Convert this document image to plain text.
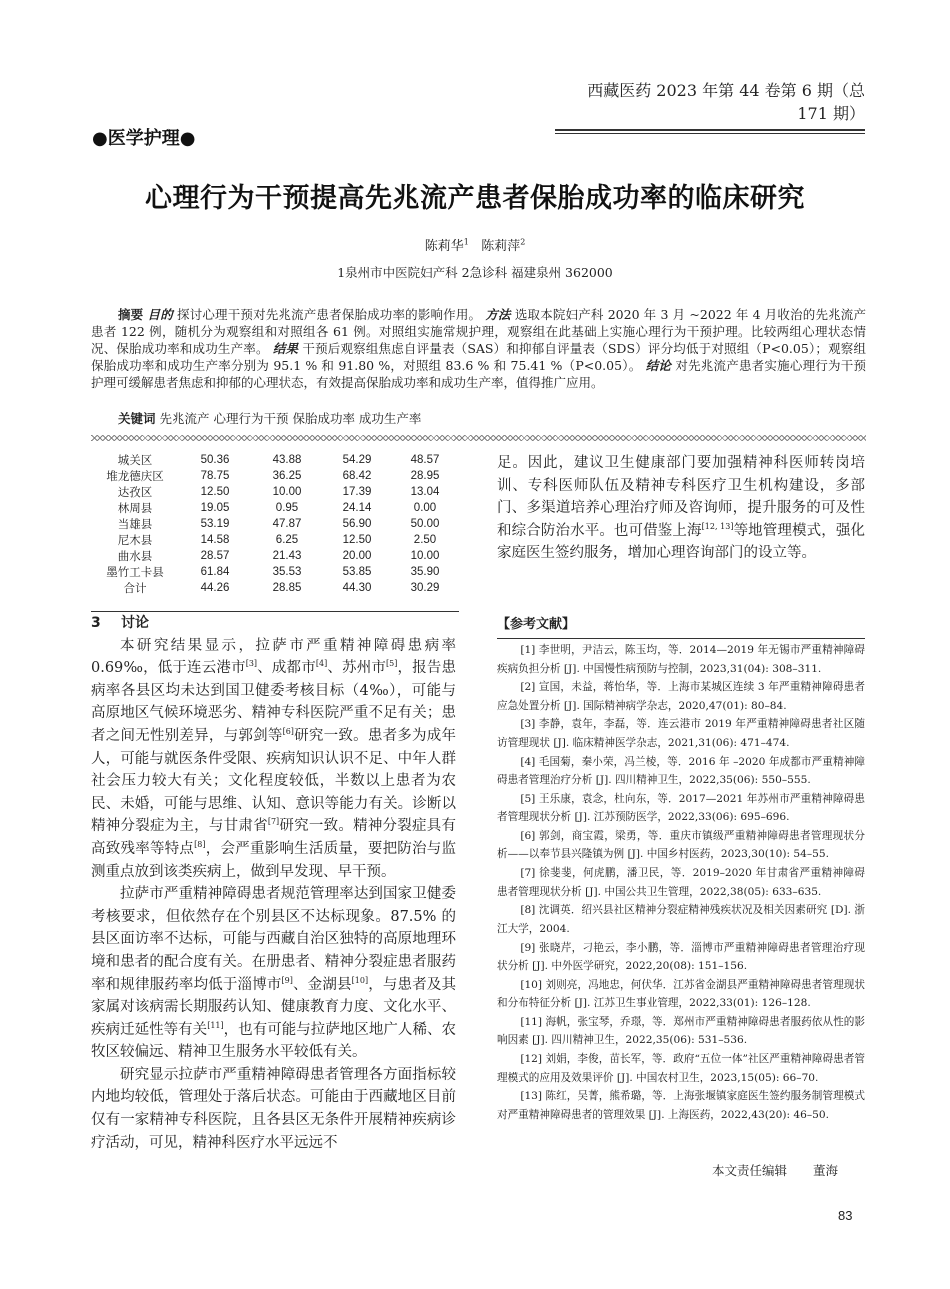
西藏医药 2023 年第 44 卷第 6 期（总 171 期）
●医学护理●
心理行为干预提高先兆流产患者保胎成功率的临床研究
陈莉华$^1$ 陈莉萍$^2$
1泉州市中医院妇产科 2急诊科 福建泉州 362000
摘要 目的 探讨心理干预对先兆流产患者保胎成功率的影响作用。 方法 选取本院妇产科 2020 年 3 月 ~2022 年 4 月收治的先兆流产患者 122 例，随机分为观察组和对照组各 61 例。对照组实施常规护理，观察组在此基础上实施心理行为干预护理。比较两组心理状态情况、保胎成功率和成功生产率。 结果 干预后观察组焦虑自评量表（SAS）和抑郁自评量表（SDS）评分均低于对照组（P<0.05）；观察组保胎成功率和成功生产率分别为 95.1 % 和 91.80 %，对照组 83.6 % 和 75.41 %（P<0.05）。 结论 对先兆流产患者实施心理行为干预护理可缓解患者焦虑和抑郁的心理状态，有效提高保胎成功率和成功生产率，值得推广应用。
关键词 先兆流产 心理行为干预 保胎成功率 成功生产率
城关区	50.36	43.88	54.29	48.57
堆龙德庆区	78.75	36.25	68.42	28.95
达孜区	12.50	10.00	17.39	13.04
林周县	19.05	0.95	24.14	0.00
当雄县	53.19	47.87	56.90	50.00
尼木县	14.58	6.25	12.50	2.50
曲水县	28.57	21.43	20.00	10.00
墨竹工卡县	61.84	35.53	53.85	35.90
合计	44.26	28.85	44.30	30.29
3 讨论

本研究结果显示，拉萨市严重精神障碍患病率 0.69‰，低于连云港市[3]、成都市[4]、苏州市[5]，报告患病率各县区均未达到国卫健委考核目标（4‰），可能与高原地区气候环境恶劣、精神专科医院严重不足有关；患者之间无性别差异，与郭剑等[6]研究一致。患者多为成年人，可能与就医条件受限、疾病知识认识不足、中年人群社会压力较大有关；文化程度较低，半数以上患者为农民、未婚，可能与思维、认知、意识等能力有关。诊断以精神分裂症为主，与甘肃省[7]研究一致。精神分裂症具有高致残率等特点[8]，会严重影响生活质量，要把防治与监测重点放到该类疾病上，做到早发现、早干预。

拉萨市严重精神障碍患者规范管理率达到国家卫健委考核要求，但依然存在个别县区不达标现象。87.5% 的县区面访率不达标，可能与西藏自治区独特的高原地理环境和患者的配合度有关。在册患者、精神分裂症患者服药率和规律服药率均低于淄博市[9]、金湖县[10]，与患者及其家属对该病需长期服药认知、健康教育力度、文化水平、疾病迁延性等有关[11]，也有可能与拉萨地区地广人稀、农牧区较偏远、精神卫生服务水平较低有关。

研究显示拉萨市严重精神障碍患者管理各方面指标较内地均较低，管理处于落后状态。可能由于西藏地区目前仅有一家精神专科医院，且各县区无条件开展精神疾病诊疗活动，可见，精神科医疗水平远远不

足。因此，建议卫生健康部门要加强精神科医师转岗培训、专科医师队伍及精神专科医疗卫生机构建设，多部门、多渠道培养心理治疗师及咨询师，提升服务的可及性和综合防治水平。也可借鉴上海[12, 13]等地管理模式，强化家庭医生签约服务，增加心理咨询部门的设立等。

【参考文献】

[1] 李世明，尹洁云，陈玉均，等．2014—2019 年无锡市严重精神障碍疾病负担分析 [J]. 中国慢性病预防与控制，2023,31(04): 308–311.

[2] 宣国，未益，蒋怡华，等．上海市某城区连续 3 年严重精神障碍患者应急处置分析 [J]. 国际精神病学杂志，2020,47(01): 80–84.

[3] 李静，袁年，李磊，等．连云港市 2019 年严重精神障碍患者社区随访管理现状 [J]. 临床精神医学杂志，2021,31(06): 471–474.

[4] 毛国菊，秦小荣，冯兰棱，等．2016 年 –2020 年成都市严重精神障碍患者管理治疗分析 [J]. 四川精神卫生，2022,35(06): 550–555.

[5] 王乐康，袁念，杜向东，等．2017—2021 年苏州市严重精神障碍患者管理现状分析 [J]. 江苏预防医学，2022,33(06): 695–696.

[6] 郭剑，商宝霞，梁勇，等．重庆市镇级严重精神障碍患者管理现状分析——以奉节县兴隆镇为例 [J]. 中国乡村医药，2023,30(10): 54–55.

[7] 徐斐斐，何虎鹏，潘卫民，等．2019–2020 年甘肃省严重精神障碍患者管理现状分析 [J]. 中国公共卫生管理，2022,38(05): 633–635.

[8] 沈调英．绍兴县社区精神分裂症精神残疾状况及相关因素研究 [D]. 浙江大学，2004.

[9] 张晓芹，刁艳云，李小鹏，等．淄博市严重精神障碍患者管理治疗现状分析 [J]. 中外医学研究，2022,20(08): 151–156.

[10] 刘则亮，冯地忠，何伏华．江苏省金湖县严重精神障碍患者管理现状和分布特征分析 [J]. 江苏卫生事业管理，2022,33(01): 126–128.

[11] 海帆，张宝琴，乔璟，等．郑州市严重精神障碍患者服药依从性的影响因素 [J]. 四川精神卫生，2022,35(06): 531–536.

[12] 刘娟，李俊，苗长军，等．政府“五位一体”社区严重精神障碍患者管理模式的应用及效果评价 [J]. 中国农村卫生，2023,15(05): 66–70.

[13] 陈红，吴菁，熊希璐，等．上海张堰镇家庭医生签约服务制管理模式对严重精神障碍患者的管理效果 [J]. 上海医药，2022,43(20): 46–50.

本文责任编辑 董海
83
